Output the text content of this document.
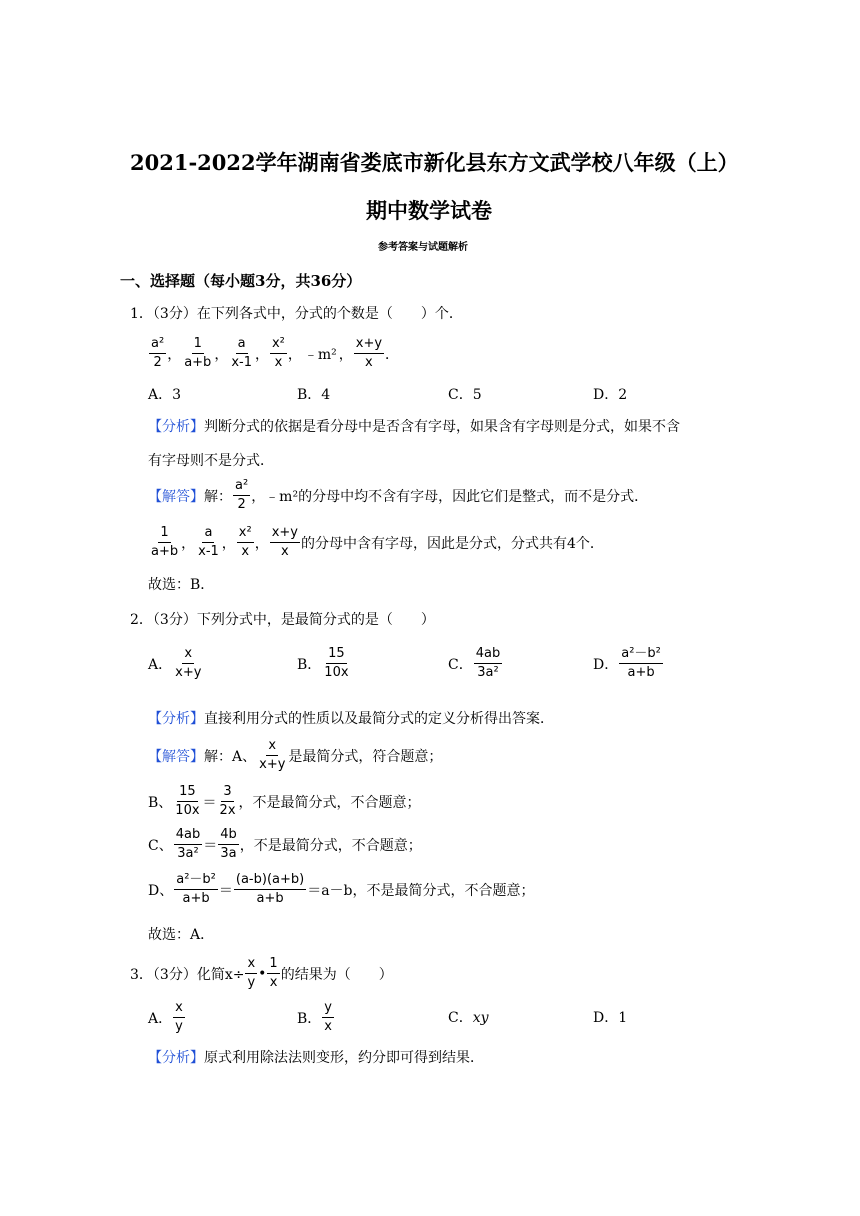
2021-2022学年湖南省娄底市新化县东方文武学校八年级（上）
期中数学试卷
参考答案与试题解析
一、选择题（每小题3分，共36分）
1．（3分）在下列各式中，分式的个数是（　　）个．
$\frac{\text{a²}}{2}$ ， $\frac{1}{a+b}$ ， $\frac{a}{x-1}$ ， $\frac{\text{x²}}{x}$ ， ﹣m² ， $\frac{x+y}{x}$ ．
A．3	B．4	C．5	D．2
【分析】判断分式的依据是看分母中是否含有字母，如果含有字母则是分式，如果不含
有字母则不是分式．
【解答】 解： $\frac{\text{a²}}{2}$ ，﹣m²的分母中均不含有字母，因此它们是整式，而不是分式．
$\frac{1}{a+b}$ ， $\frac{a}{x-1}$ ， $\frac{\text{x²}}{x}$ ， $\frac{x+y}{x}$ 的分母中含有字母，因此是分式，分式共有4个．
故选：B．
2．（3分）下列分式中，是最简分式的是（　　）
A． $\frac{x}{x+y}$	B． $\frac{15}{10x}$	C． $\frac{4ab}{\text{3a²}}$	D． $\frac{\text{a²－b²}}{a+b}$
【分析】直接利用分式的性质以及最简分式的定义分析得出答案．
【解答】 解：A、 $\frac{x}{x+y}$ 是最简分式，符合题意；
B、 $\frac{15}{10x} = \frac{3}{2x}$ ，不是最简分式，不合题意；
C、 $\frac{4ab}{\text{3a²}} = \frac{4b}{3a}$ ，不是最简分式，不合题意；
D、 $\frac{\text{a²－b²}}{a+b} = \frac{(a-b)(a+b)}{a+b} =a-b$，不是最简分式，不合题意；
故选：A．
3．（3分）化简$x\div \frac{x}{y}$ • $\frac{1}{x}$ 的结果为（　　）
A． $\frac{x}{y}$	B． $\frac{y}{x}$	C．xy	D．1
【分析】原式利用除法法则变形，约分即可得到结果．
